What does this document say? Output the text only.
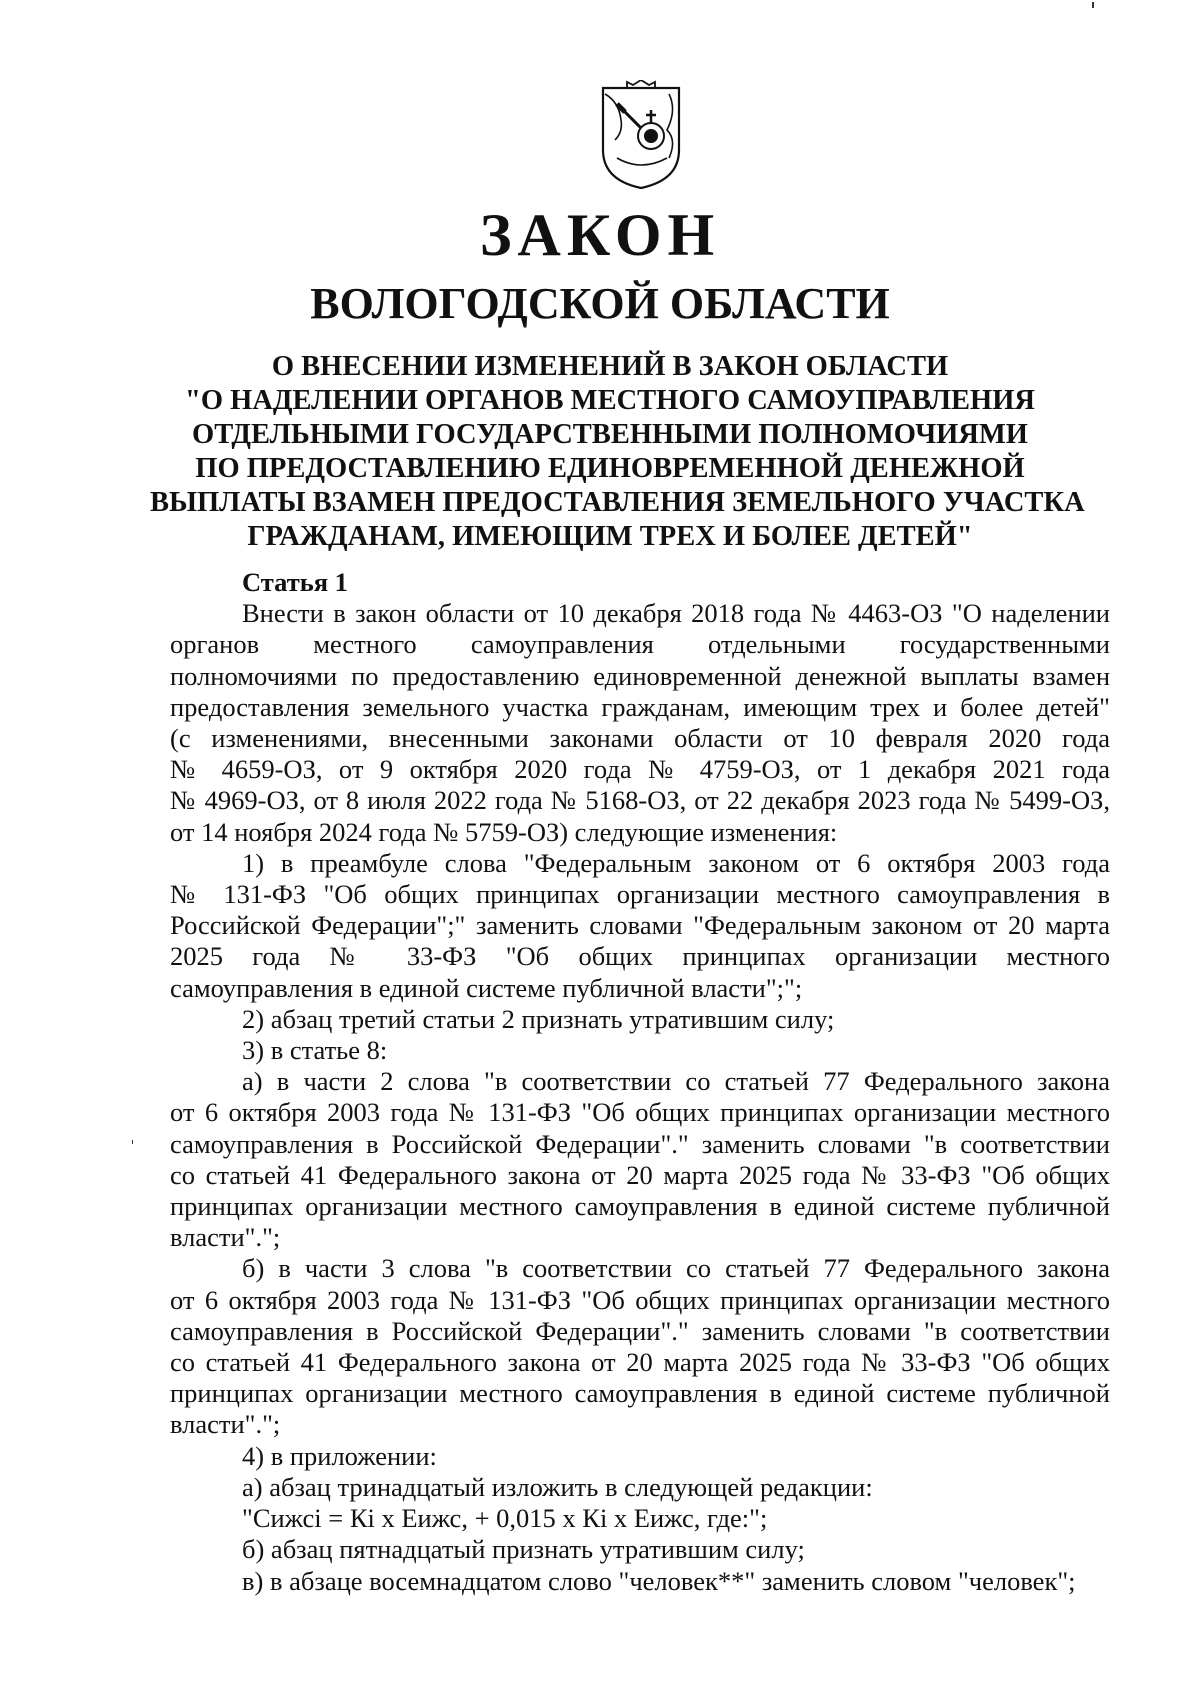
ЗАКОН
ВОЛОГОДСКОЙ ОБЛАСТИ
О ВНЕСЕНИИ ИЗМЕНЕНИЙ В ЗАКОН ОБЛАСТИ
"О НАДЕЛЕНИИ ОРГАНОВ МЕСТНОГО САМОУПРАВЛЕНИЯ
ОТДЕЛЬНЫМИ ГОСУДАРСТВЕННЫМИ ПОЛНОМОЧИЯМИ
ПО ПРЕДОСТАВЛЕНИЮ ЕДИНОВРЕМЕННОЙ ДЕНЕЖНОЙ
ВЫПЛАТЫ ВЗАМЕН ПРЕДОСТАВЛЕНИЯ ЗЕМЕЛЬНОГО УЧАСТКА
ГРАЖДАНАМ, ИМЕЮЩИМ ТРЕХ И БОЛЕЕ ДЕТЕЙ"
Статья 1
Внести в закон области от 10 декабря 2018 года № 4463-ОЗ "О наделении
органов местного самоуправления отдельными государственными
полномочиями по предоставлению единовременной денежной выплаты взамен
предоставления земельного участка гражданам, имеющим трех и более детей"
(с изменениями, внесенными законами области от 10 февраля 2020 года
№ 4659-ОЗ, от 9 октября 2020 года № 4759-ОЗ, от 1 декабря 2021 года
№ 4969-ОЗ, от 8 июля 2022 года № 5168-ОЗ, от 22 декабря 2023 года № 5499-ОЗ,
от 14 ноября 2024 года № 5759-ОЗ) следующие изменения:
1) в преамбуле слова "Федеральным законом от 6 октября 2003 года
№ 131-ФЗ "Об общих принципах организации местного самоуправления в
Российской Федерации";" заменить словами "Федеральным законом от 20 марта
2025 года № 33-ФЗ "Об общих принципах организации местного
самоуправления в единой системе публичной власти";";
2) абзац третий статьи 2 признать утратившим силу;
3) в статье 8:
а) в части 2 слова "в соответствии со статьей 77 Федерального закона
от 6 октября 2003 года № 131-ФЗ "Об общих принципах организации местного
самоуправления в Российской Федерации"." заменить словами "в соответствии
со статьей 41 Федерального закона от 20 марта 2025 года № 33-ФЗ "Об общих
принципах организации местного самоуправления в единой системе публичной
власти".";
б) в части 3 слова "в соответствии со статьей 77 Федерального закона
от 6 октября 2003 года № 131-ФЗ "Об общих принципах организации местного
самоуправления в Российской Федерации"." заменить словами "в соответствии
со статьей 41 Федерального закона от 20 марта 2025 года № 33-ФЗ "Об общих
принципах организации местного самоуправления в единой системе публичной
власти".";
4) в приложении:
а) абзац тринадцатый изложить в следующей редакции:
"Сижсі = Кі х Еижс, + 0,015 х Кі х Еижс, где:";
б) абзац пятнадцатый признать утратившим силу;
в) в абзаце восемнадцатом слово "человек**" заменить словом "человек";
